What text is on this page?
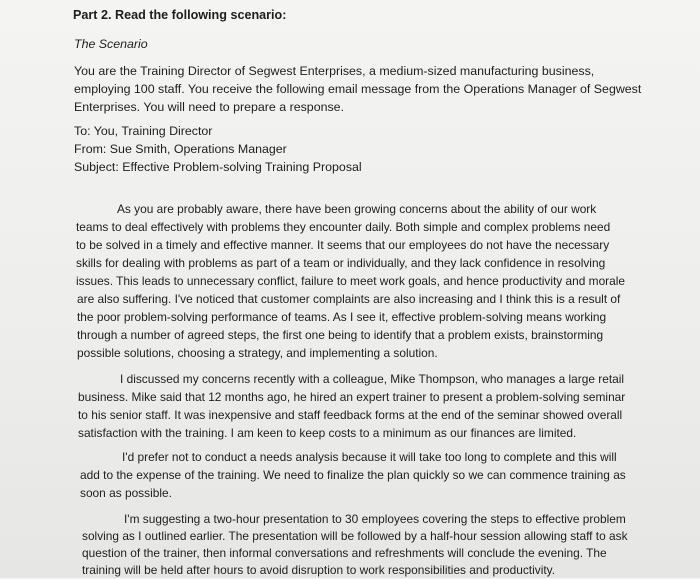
Part 2. Read the following scenario:
The Scenario
You are the Training Director of Segwest Enterprises, a medium-sized manufacturing business,
employing 100 staff. You receive the following email message from the Operations Manager of Segwest
Enterprises. You will need to prepare a response.
To: You, Training Director
From: Sue Smith, Operations Manager
Subject: Effective Problem-solving Training Proposal
As you are probably aware, there have been growing concerns about the ability of our work
teams to deal effectively with problems they encounter daily. Both simple and complex problems need
to be solved in a timely and effective manner. It seems that our employees do not have the necessary
skills for dealing with problems as part of a team or individually, and they lack confidence in resolving
issues. This leads to unnecessary conflict, failure to meet work goals, and hence productivity and morale
are also suffering. I've noticed that customer complaints are also increasing and I think this is a result of
the poor problem-solving performance of teams. As I see it, effective problem-solving means working
through a number of agreed steps, the first one being to identify that a problem exists, brainstorming
possible solutions, choosing a strategy, and implementing a solution.
I discussed my concerns recently with a colleague, Mike Thompson, who manages a large retail
business. Mike said that 12 months ago, he hired an expert trainer to present a problem-solving seminar
to his senior staff. It was inexpensive and staff feedback forms at the end of the seminar showed overall
satisfaction with the training. I am keen to keep costs to a minimum as our finances are limited.
I'd prefer not to conduct a needs analysis because it will take too long to complete and this will
add to the expense of the training. We need to finalize the plan quickly so we can commence training as
soon as possible.
I'm suggesting a two-hour presentation to 30 employees covering the steps to effective problem
solving as I outlined earlier. The presentation will be followed by a half-hour session allowing staff to ask
question of the trainer, then informal conversations and refreshments will conclude the evening. The
training will be held after hours to avoid disruption to work responsibilities and productivity.
